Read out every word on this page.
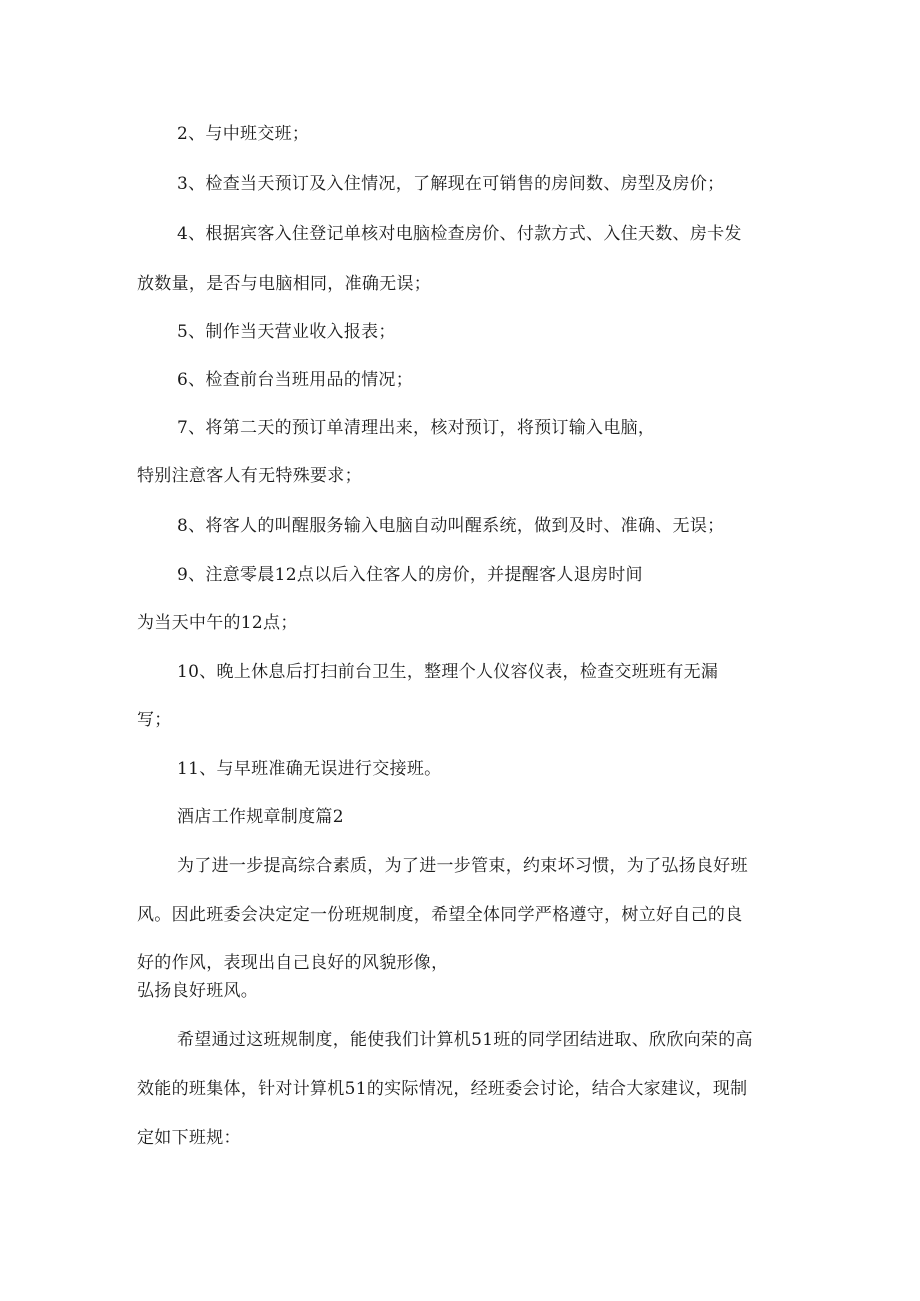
2、与中班交班；
3、检查当天预订及入住情况，了解现在可销售的房间数、房型及房价；
4、根据宾客入住登记单核对电脑检查房价、付款方式、入住天数、房卡发
放数量，是否与电脑相同，准确无误；
5、制作当天营业收入报表；
6、检查前台当班用品的情况；
7、将第二天的预订单清理出来，核对预订，将预订输入电脑，
特别注意客人有无特殊要求；
8、将客人的叫醒服务输入电脑自动叫醒系统，做到及时、准确、无误；
9、注意零晨12点以后入住客人的房价，并提醒客人退房时间
为当天中午的12点；
10、晚上休息后打扫前台卫生，整理个人仪容仪表，检查交班班有无漏
写；
11、与早班准确无误进行交接班。
酒店工作规章制度篇2
为了进一步提高综合素质，为了进一步管束，约束坏习惯，为了弘扬良好班
风。因此班委会决定定一份班规制度，希望全体同学严格遵守，树立好自己的良
好的作风，表现出自己良好的风貌形像，
弘扬良好班风。
希望通过这班规制度，能使我们计算机51班的同学团结进取、欣欣向荣的高
效能的班集体，针对计算机51的实际情况，经班委会讨论，结合大家建议，现制
定如下班规：
